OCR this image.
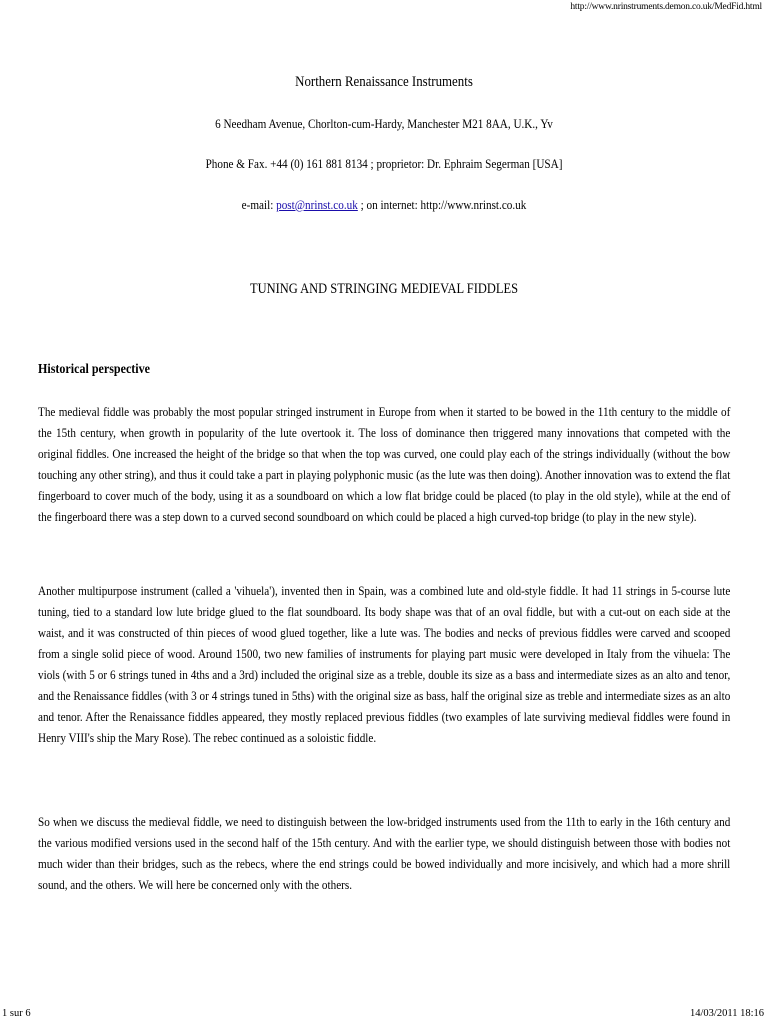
http://www.nrinstruments.demon.co.uk/MedFid.html
Northern Renaissance Instruments
6 Needham Avenue, Chorlton-cum-Hardy, Manchester M21 8AA, U.K., Yv
Phone & Fax. +44 (0) 161 881 8134 ; proprietor: Dr. Ephraim Segerman [USA]
e-mail: post@nrinst.co.uk ; on internet: http://www.nrinst.co.uk
TUNING AND STRINGING MEDIEVAL FIDDLES
Historical perspective

The medieval fiddle was probably the most popular stringed instrument in Europe from when it started to be bowed in the 11th century to the middle of the 15th century, when growth in popularity of the lute overtook it. The loss of dominance then triggered many innovations that competed with the original fiddles. One increased the height of the bridge so that when the top was curved, one could play each of the strings individually (without the bow touching any other string), and thus it could take a part in playing polyphonic music (as the lute was then doing). Another innovation was to extend the flat fingerboard to cover much of the body, using it as a soundboard on which a low flat bridge could be placed (to play in the old style), while at the end of the fingerboard there was a step down to a curved second soundboard on which could be placed a high curved-top bridge (to play in the new style).

Another multipurpose instrument (called a 'vihuela'), invented then in Spain, was a combined lute and old-style fiddle. It had 11 strings in 5-course lute tuning, tied to a standard low lute bridge glued to the flat soundboard. Its body shape was that of an oval fiddle, but with a cut-out on each side at the waist, and it was constructed of thin pieces of wood glued together, like a lute was. The bodies and necks of previous fiddles were carved and scooped from a single solid piece of wood. Around 1500, two new families of instruments for playing part music were developed in Italy from the vihuela: The viols (with 5 or 6 strings tuned in 4ths and a 3rd) included the original size as a treble, double its size as a bass and intermediate sizes as an alto and tenor, and the Renaissance fiddles (with 3 or 4 strings tuned in 5ths) with the original size as bass, half the original size as treble and intermediate sizes as an alto and tenor. After the Renaissance fiddles appeared, they mostly replaced previous fiddles (two examples of late surviving medieval fiddles were found in Henry VIII's ship the Mary Rose). The rebec continued as a soloistic fiddle.

So when we discuss the medieval fiddle, we need to distinguish between the low-bridged instruments used from the 11th to early in the 16th century and the various modified versions used in the second half of the 15th century. And with the earlier type, we should distinguish between those with bodies not much wider than their bridges, such as the rebecs, where the end strings could be bowed individually and more incisively, and which had a more shrill sound, and the others. We will here be concerned only with the others.

1 sur 6	14/03/2011 18:16
